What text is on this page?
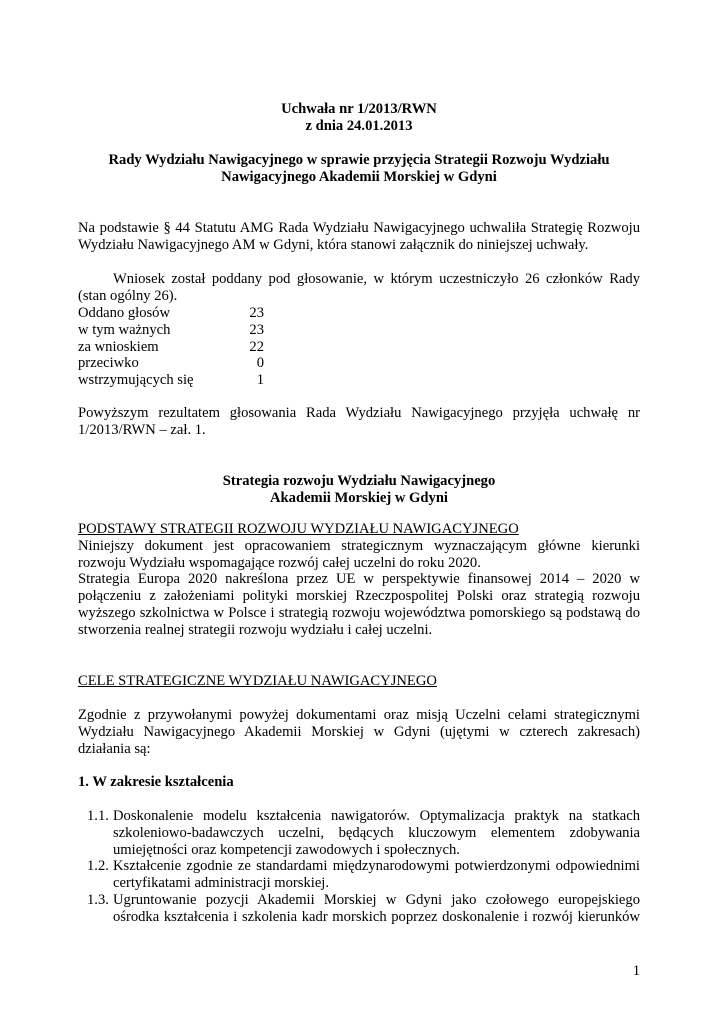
Uchwała nr 1/2013/RWN
z dnia 24.01.2013
Rady Wydziału Nawigacyjnego w sprawie przyjęcia Strategii Rozwoju Wydziału
Nawigacyjnego Akademii Morskiej w Gdyni
Na podstawie § 44 Statutu AMG Rada Wydziału Nawigacyjnego uchwaliła Strategię Rozwoju
Wydziału Nawigacyjnego AM w Gdyni, która stanowi załącznik do niniejszej uchwały.
Wniosek został poddany pod głosowanie, w którym uczestniczyło 26 członków Rady
(stan ogólny 26).
Oddano głosów	23
w tym ważnych	23
za wnioskiem	22
przeciwko	0
wstrzymujących się	1
Powyższym rezultatem głosowania Rada Wydziału Nawigacyjnego przyjęła uchwałę nr
1/2013/RWN – zał. 1.
Strategia rozwoju Wydziału Nawigacyjnego
Akademii Morskiej w Gdyni
PODSTAWY STRATEGII ROZWOJU WYDZIAŁU NAWIGACYJNEGO
Niniejszy dokument jest opracowaniem strategicznym wyznaczającym główne kierunki
rozwoju Wydziału wspomagające rozwój całej uczelni do roku 2020.
Strategia Europa 2020 nakreślona przez UE w perspektywie finansowej 2014 – 2020 w
połączeniu z założeniami polityki morskiej Rzeczpospolitej Polski oraz strategią rozwoju
wyższego szkolnictwa w Polsce i strategią rozwoju województwa pomorskiego są podstawą do
stworzenia realnej strategii rozwoju wydziału i całej uczelni.
CELE STRATEGICZNE WYDZIAŁU NAWIGACYJNEGO
Zgodnie z przywołanymi powyżej dokumentami oraz misją Uczelni celami strategicznymi
Wydziału Nawigacyjnego Akademii Morskiej w Gdyni (ujętymi w czterech zakresach)
działania są:
1. W zakresie kształcenia
1.1. Doskonalenie modelu kształcenia nawigatorów. Optymalizacja praktyk na statkach
szkoleniowo-badawczych uczelni, będących kluczowym elementem zdobywania
umiejętności oraz kompetencji zawodowych i społecznych.
1.2. Kształcenie zgodnie ze standardami międzynarodowymi potwierdzonymi odpowiednimi
certyfikatami administracji morskiej.
1.3. Ugruntowanie pozycji Akademii Morskiej w Gdyni jako czołowego europejskiego
ośrodka kształcenia i szkolenia kadr morskich poprzez doskonalenie i rozwój kierunków
1
